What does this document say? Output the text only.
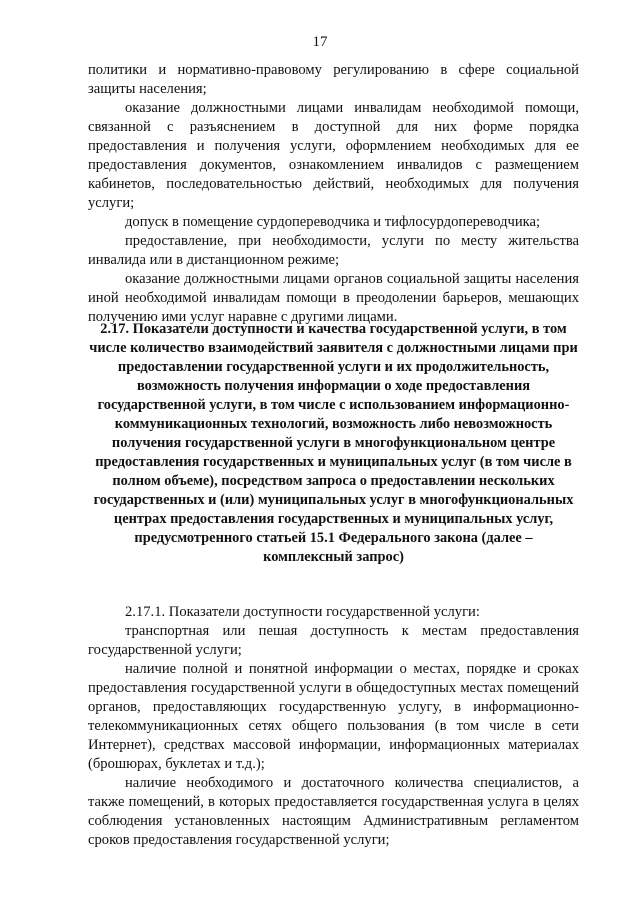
17

политики и нормативно-правовому регулированию в сфере социальной защиты населения;

оказание должностными лицами инвалидам необходимой помощи, связанной с разъяснением в доступной для них форме порядка предоставления и получения услуги, оформлением необходимых для ее предоставления документов, ознакомлением инвалидов с размещением кабинетов, последовательностью действий, необходимых для получения услуги;

допуск в помещение сурдопереводчика и тифлосурдопереводчика;

предоставление, при необходимости, услуги по месту жительства инвалида или в дистанционном режиме;

оказание должностными лицами органов социальной защиты населения иной необходимой инвалидам помощи в преодолении барьеров, мешающих получению ими услуг наравне с другими лицами.

2.17. Показатели доступности и качества государственной услуги, в том числе количество взаимодействий заявителя с должностными лицами при предоставлении государственной услуги и их продолжительность, возможность получения информации о ходе предоставления государственной услуги, в том числе с использованием информационно-коммуникационных технологий, возможность либо невозможность получения государственной услуги в многофункциональном центре предоставления государственных и муниципальных услуг (в том числе в полном объеме), посредством запроса о предоставлении нескольких государственных и (или) муниципальных услуг в многофункциональных центрах предоставления государственных и муниципальных услуг, предусмотренного статьей 15.1 Федерального закона (далее – комплексный запрос)

2.17.1. Показатели доступности государственной услуги:

транспортная или пешая доступность к местам предоставления государственной услуги;

наличие полной и понятной информации о местах, порядке и сроках предоставления государственной услуги в общедоступных местах помещений органов, предоставляющих государственную услугу, в информационно-телекоммуникационных сетях общего пользования (в том числе в сети Интернет), средствах массовой информации, информационных материалах (брошюрах, буклетах и т.д.);

наличие необходимого и достаточного количества специалистов, а также помещений, в которых предоставляется государственная услуга в целях соблюдения установленных настоящим Административным регламентом сроков предоставления государственной услуги;
